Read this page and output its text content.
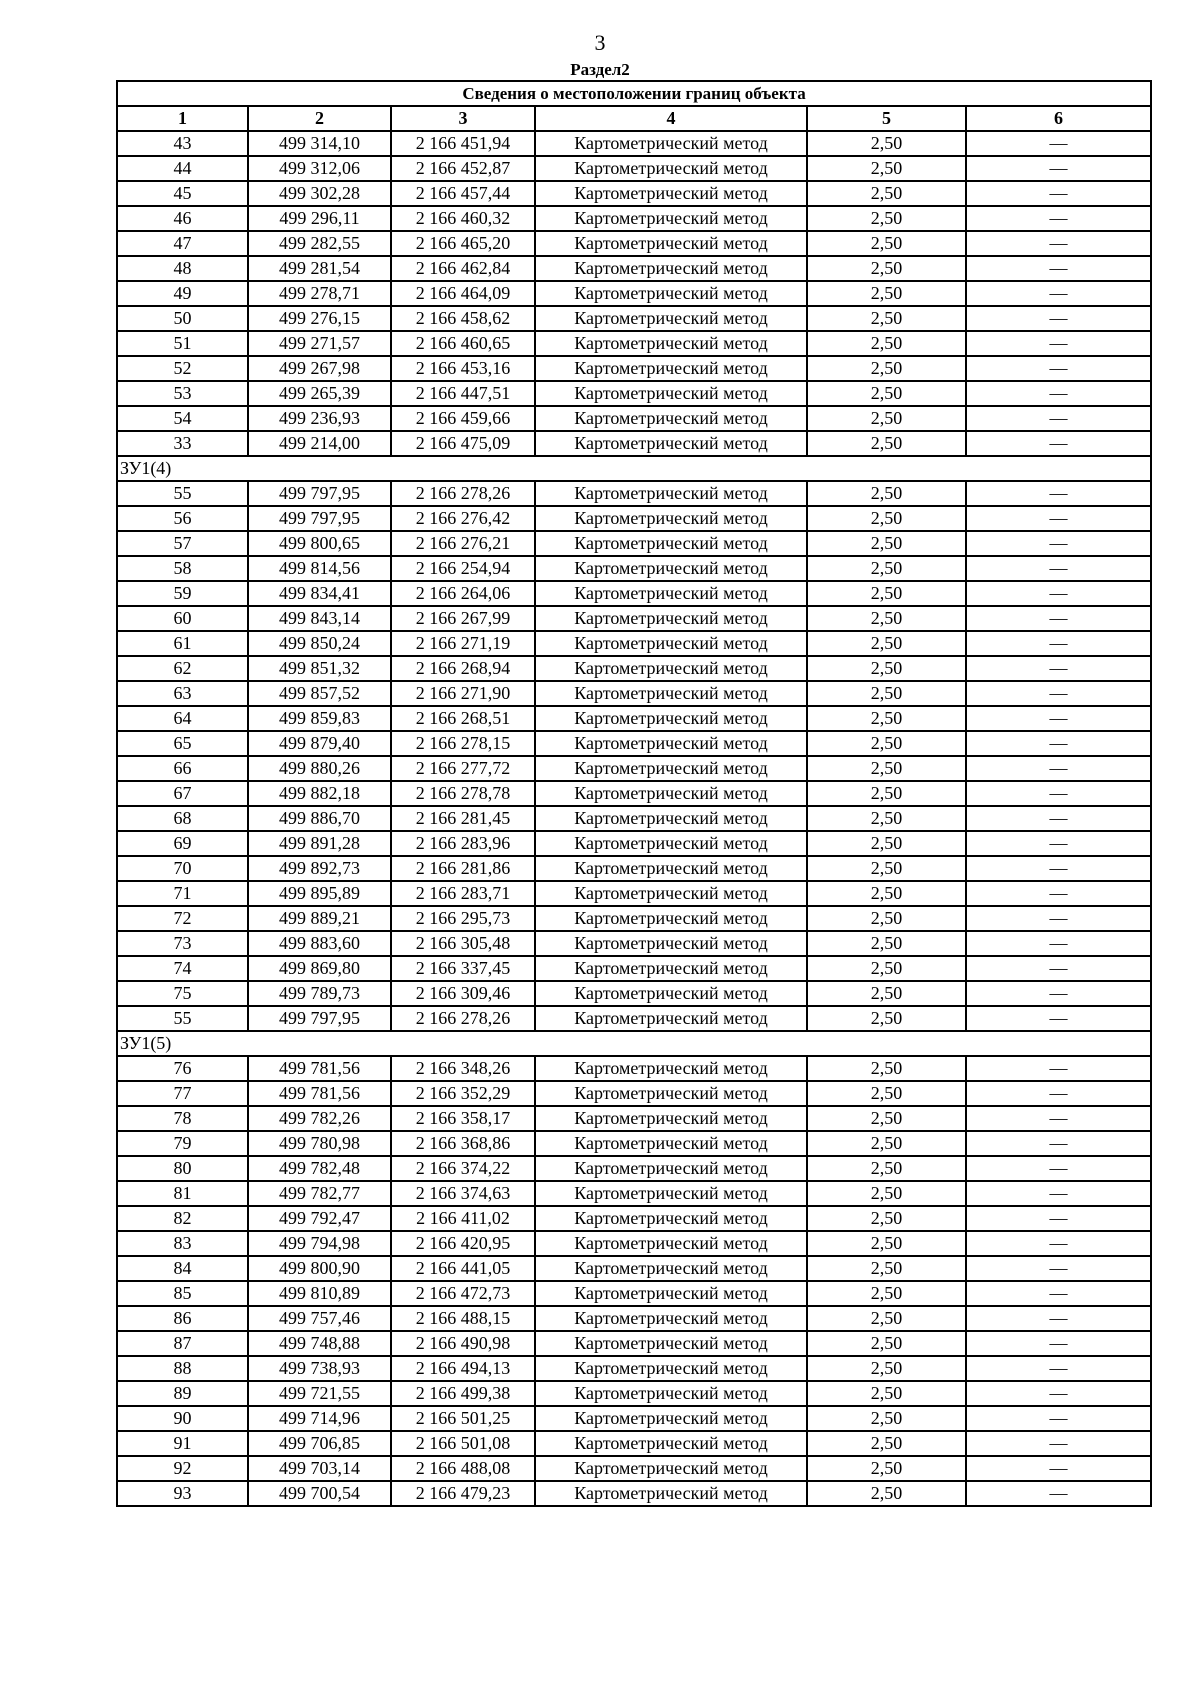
3
Раздел2
Сведения о местоположении границ объекта					
1	2	3	4	5	6
43	499 314,10	2 166 451,94	Картометрический метод	2,50	—
44	499 312,06	2 166 452,87	Картометрический метод	2,50	—
45	499 302,28	2 166 457,44	Картометрический метод	2,50	—
46	499 296,11	2 166 460,32	Картометрический метод	2,50	—
47	499 282,55	2 166 465,20	Картометрический метод	2,50	—
48	499 281,54	2 166 462,84	Картометрический метод	2,50	—
49	499 278,71	2 166 464,09	Картометрический метод	2,50	—
50	499 276,15	2 166 458,62	Картометрический метод	2,50	—
51	499 271,57	2 166 460,65	Картометрический метод	2,50	—
52	499 267,98	2 166 453,16	Картометрический метод	2,50	—
53	499 265,39	2 166 447,51	Картометрический метод	2,50	—
54	499 236,93	2 166 459,66	Картометрический метод	2,50	—
33	499 214,00	2 166 475,09	Картометрический метод	2,50	—
ЗУ1(4)					
55	499 797,95	2 166 278,26	Картометрический метод	2,50	—
56	499 797,95	2 166 276,42	Картометрический метод	2,50	—
57	499 800,65	2 166 276,21	Картометрический метод	2,50	—
58	499 814,56	2 166 254,94	Картометрический метод	2,50	—
59	499 834,41	2 166 264,06	Картометрический метод	2,50	—
60	499 843,14	2 166 267,99	Картометрический метод	2,50	—
61	499 850,24	2 166 271,19	Картометрический метод	2,50	—
62	499 851,32	2 166 268,94	Картометрический метод	2,50	—
63	499 857,52	2 166 271,90	Картометрический метод	2,50	—
64	499 859,83	2 166 268,51	Картометрический метод	2,50	—
65	499 879,40	2 166 278,15	Картометрический метод	2,50	—
66	499 880,26	2 166 277,72	Картометрический метод	2,50	—
67	499 882,18	2 166 278,78	Картометрический метод	2,50	—
68	499 886,70	2 166 281,45	Картометрический метод	2,50	—
69	499 891,28	2 166 283,96	Картометрический метод	2,50	—
70	499 892,73	2 166 281,86	Картометрический метод	2,50	—
71	499 895,89	2 166 283,71	Картометрический метод	2,50	—
72	499 889,21	2 166 295,73	Картометрический метод	2,50	—
73	499 883,60	2 166 305,48	Картометрический метод	2,50	—
74	499 869,80	2 166 337,45	Картометрический метод	2,50	—
75	499 789,73	2 166 309,46	Картометрический метод	2,50	—
55	499 797,95	2 166 278,26	Картометрический метод	2,50	—
ЗУ1(5)					
76	499 781,56	2 166 348,26	Картометрический метод	2,50	—
77	499 781,56	2 166 352,29	Картометрический метод	2,50	—
78	499 782,26	2 166 358,17	Картометрический метод	2,50	—
79	499 780,98	2 166 368,86	Картометрический метод	2,50	—
80	499 782,48	2 166 374,22	Картометрический метод	2,50	—
81	499 782,77	2 166 374,63	Картометрический метод	2,50	—
82	499 792,47	2 166 411,02	Картометрический метод	2,50	—
83	499 794,98	2 166 420,95	Картометрический метод	2,50	—
84	499 800,90	2 166 441,05	Картометрический метод	2,50	—
85	499 810,89	2 166 472,73	Картометрический метод	2,50	—
86	499 757,46	2 166 488,15	Картометрический метод	2,50	—
87	499 748,88	2 166 490,98	Картометрический метод	2,50	—
88	499 738,93	2 166 494,13	Картометрический метод	2,50	—
89	499 721,55	2 166 499,38	Картометрический метод	2,50	—
90	499 714,96	2 166 501,25	Картометрический метод	2,50	—
91	499 706,85	2 166 501,08	Картометрический метод	2,50	—
92	499 703,14	2 166 488,08	Картометрический метод	2,50	—
93	499 700,54	2 166 479,23	Картометрический метод	2,50	—
